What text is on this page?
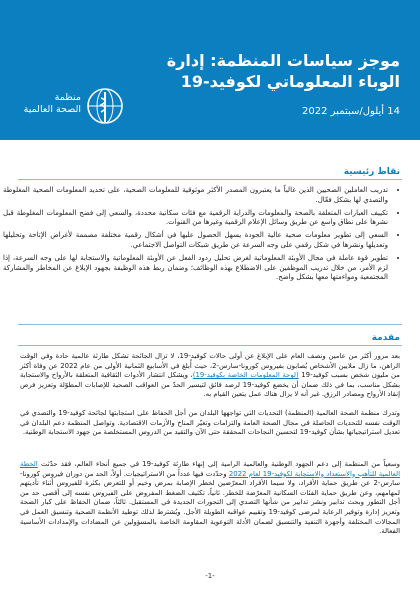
موجز سياسات المنظمة: إدارة الوباء المعلوماتي لكوفيد-19
14 أيلول/سبتمبر 2022
منظمة
الصحة العالمية
نقاط رئيسية
• تدريب العاملين الصحيين الذين غالباً ما يعتبرون المصدر الأكثر موثوقية للمعلومات الصحية، على تحديد المعلومات الصحية المغلوطة والتصدي لها بشكل فعّال.
• تكييف العبارات المتعلقة بالصحة والمعلومات والدراية الرقمية مع فئات سكانية محددة، والسعي إلى فضح المعلومات المغلوطة قبل نشرها على نطاق واسع عن طريق وسائل الإعلام الرقمية وغيرها من القنوات.
• السعي إلى تطوير معلومات صحية عالية الجودة يسهل الحصول عليها في أشكال رقمية مختلفة مصممة لأغراض الإتاحة وتحليلها وتعديلها ونشرها في شكل رقمي على وجه السرعة عن طريق شبكات التواصل الاجتماعي.
• تطوير قوة عاملة في مجال الأوبئة المعلوماتية لغرض تحليل ردود الفعل عن الأوبئة المعلوماتية والاستجابة لها على وجه السرعة، إذا لزم الأمر، من خلال تدريب الموظفين على الاضطلاع بهذه الوظائف؛ وضمان ربط هذه الوظيفة بجهود الإبلاغ عن المخاطر والمشاركة المجتمعية ومواءمتها معها بشكل واضح.
مقدمة

بعد مرور أكثر من عامين ونصف العام على الإبلاغ عن أولى حالات كوفيد-19، لا تزال الجائحة تشكل طارئة عالمية حادة وفي الوقت الراهن، ما زال ملايين الأشخاص يُصابون بفيروس كورونا-سارس-2، حيث أُبلغ في الأسابيع الثمانية الأولى من عام 2022 عن وفاة أكثر من مليون شخص بسبب كوفيد-19 (لوحة المعلومات الخاصة بكوفيد-19)، ويشكل انتشار الأدوات الثقافية المتعلقة بالأرواح والاستجابة بشكل مناسب، بما في ذلك ضمان أن يخضع كوفيد-19 لرصد فائق لتيسير الحدّ من العواقب الصحية للإصابات المطوّلة وتعزيز فرص إنقاذ الأرواح ومصادر الرزق. غير أنه لا يزال هناك عمل يتعين القيام به.

وتدرك منظمة الصحة العالمية (المنظمة) التحديات التي تواجهها البلدان من أجل الحفاظ على استجابتها لجائحة كوفيد-19 والتصدي في الوقت نفسه للتحديات الحاصلة في مجال الصحة العامة والتزامات وتغيّر المناخ والأزمات الاقتصادية. وتواصل المنظمة دعم البلدان في تعديل استراتيجياتها بشأن كوفيد-19 لتحسين النجاحات المحققة حتى الآن والتقيد من الدروس المستخلصة من جهود الاستجابة الوطنية.

وسعياً من المنظمة إلى دعم الجهود الوطنية والعالمية الرامية إلى إنهاء طارئة كوفيد-19 في جميع أنحاء العالم، فقد حدّثت الخطة العالمية للتأهب والاستعداد والاستجابة لكوفيد-19 لعام 2022 وحدّدت فيها عدداً من الاستراتيجيات. أولاً، الحد من دوران فيروس كورونا-سارس-2 عن طريق حماية الأفراد، ولا سيما الأفراد المعرّضين لخطر الإصابة بمرض وخيم أو للتعرض بكثرة للفيروس أثناء تأديتهم لمهامهم، وعن طريق حماية الفئات السكانية المعرّضة للخطر. ثانياً، تكثيف الضغط المفروض على الفيروس نفسه إلى أقصى حد من أجل التطور وبحث تدابير ونشر تدابير من شأنها التصدي إلى التحورات الجديدة في المستقبل. ثالثاً، ضمان الحفاظ على كبار الصحة وتعزيز إدارة وتوفير الرعاية لمرضى كوفيد-19 وتقييم عواقبه الطويلة الأجل. ويُشترط لذلك توطيد الأنظمة الصحية وتنسيق العمل في المجالات المختلفة وأجهزة التنفيذ والتنسيق لضمان الأدلة التوعوية المقاومة الخاصة بالمسؤولين عن المضادات والإمدادات الأساسية الفعالة.

-1-
